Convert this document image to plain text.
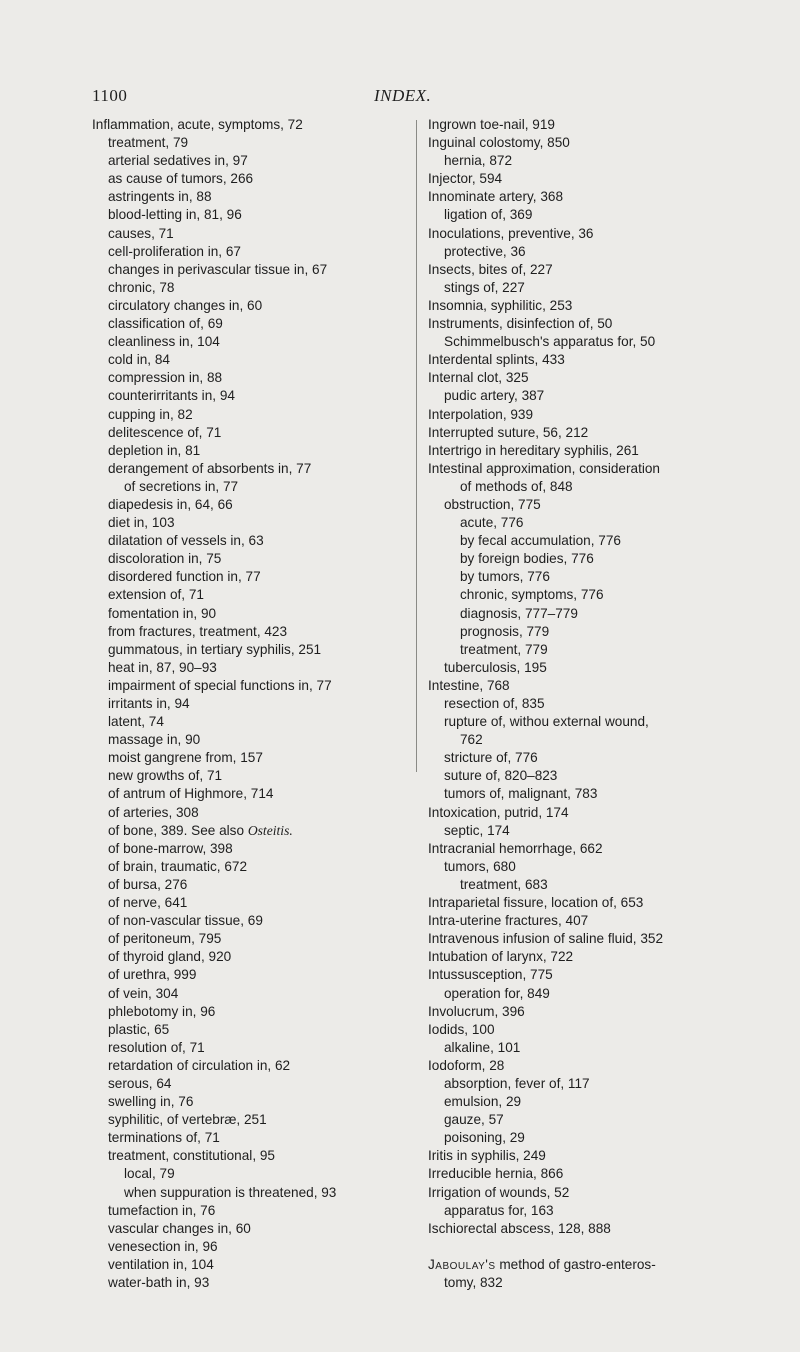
1100	INDEX.
Inflammation, acute, symptoms, 72
treatment, 79
arterial sedatives in, 97
as cause of tumors, 266
astringents in, 88
blood-letting in, 81, 96
causes, 71
cell-proliferation in, 67
changes in perivascular tissue in, 67
chronic, 78
circulatory changes in, 60
classification of, 69
cleanliness in, 104
cold in, 84
compression in, 88
counterirritants in, 94
cupping in, 82
delitescence of, 71
depletion in, 81
derangement of absorbents in, 77
of secretions in, 77
diapedesis in, 64, 66
diet in, 103
dilatation of vessels in, 63
discoloration in, 75
disordered function in, 77
extension of, 71
fomentation in, 90
from fractures, treatment, 423
gummatous, in tertiary syphilis, 251
heat in, 87, 90–93
impairment of special functions in, 77
irritants in, 94
latent, 74
massage in, 90
moist gangrene from, 157
new growths of, 71
of antrum of Highmore, 714
of arteries, 308
of bone, 389. See also Osteitis.
of bone-marrow, 398
of brain, traumatic, 672
of bursa, 276
of nerve, 641
of non-vascular tissue, 69
of peritoneum, 795
of thyroid gland, 920
of urethra, 999
of vein, 304
phlebotomy in, 96
plastic, 65
resolution of, 71
retardation of circulation in, 62
serous, 64
swelling in, 76
syphilitic, of vertebræ, 251
terminations of, 71
treatment, constitutional, 95
local, 79
when suppuration is threatened, 93
tumefaction in, 76
vascular changes in, 60
venesection in, 96
ventilation in, 104
water-bath in, 93
Ingrown toe-nail, 919
Inguinal colostomy, 850
hernia, 872
Injector, 594
Innominate artery, 368
ligation of, 369
Inoculations, preventive, 36
protective, 36
Insects, bites of, 227
stings of, 227
Insomnia, syphilitic, 253
Instruments, disinfection of, 50
Schimmelbusch's apparatus for, 50
Interdental splints, 433
Internal clot, 325
pudic artery, 387
Interpolation, 939
Interrupted suture, 56, 212
Intertrigo in hereditary syphilis, 261
Intestinal approximation, consideration
of methods of, 848
obstruction, 775
acute, 776
by fecal accumulation, 776
by foreign bodies, 776
by tumors, 776
chronic, symptoms, 776
diagnosis, 777–779
prognosis, 779
treatment, 779
tuberculosis, 195
Intestine, 768
resection of, 835
rupture of, withou external wound,
762
stricture of, 776
suture of, 820–823
tumors of, malignant, 783
Intoxication, putrid, 174
septic, 174
Intracranial hemorrhage, 662
tumors, 680
treatment, 683
Intraparietal fissure, location of, 653
Intra-uterine fractures, 407
Intravenous infusion of saline fluid, 352
Intubation of larynx, 722
Intussusception, 775
operation for, 849
Involucrum, 396
Iodids, 100
alkaline, 101
Iodoform, 28
absorption, fever of, 117
emulsion, 29
gauze, 57
poisoning, 29
Iritis in syphilis, 249
Irreducible hernia, 866
Irrigation of wounds, 52
apparatus for, 163
Ischiorectal abscess, 128, 888
Jaboulay's method of gastro-enteros-
tomy, 832
